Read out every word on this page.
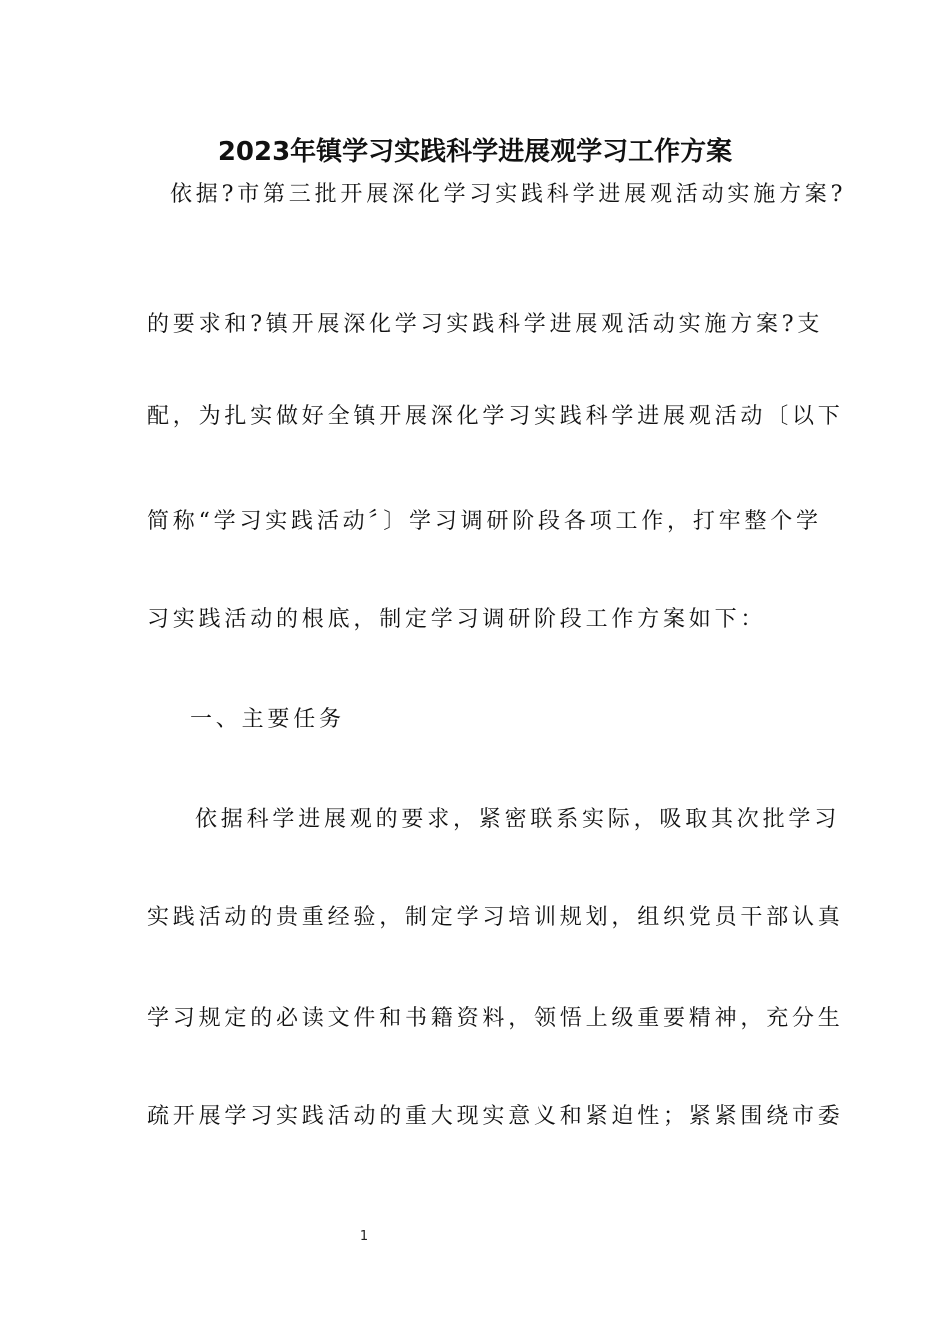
2023年镇学习实践科学进展观学习工作方案
依据?市第三批开展深化学习实践科学进展观活动实施方案?
的要求和?镇开展深化学习实践科学进展观活动实施方案?支
配，为扎实做好全镇开展深化学习实践科学进展观活动〔以下
简称“学习实践活动〞〕学习调研阶段各项工作，打牢整个学
习实践活动的根底，制定学习调研阶段工作方案如下：
一、主要任务
依据科学进展观的要求，紧密联系实际，吸取其次批学习
实践活动的贵重经验，制定学习培训规划，组织党员干部认真
学习规定的必读文件和书籍资料，领悟上级重要精神，充分生
疏开展学习实践活动的重大现实意义和紧迫性；紧紧围绕市委
1
